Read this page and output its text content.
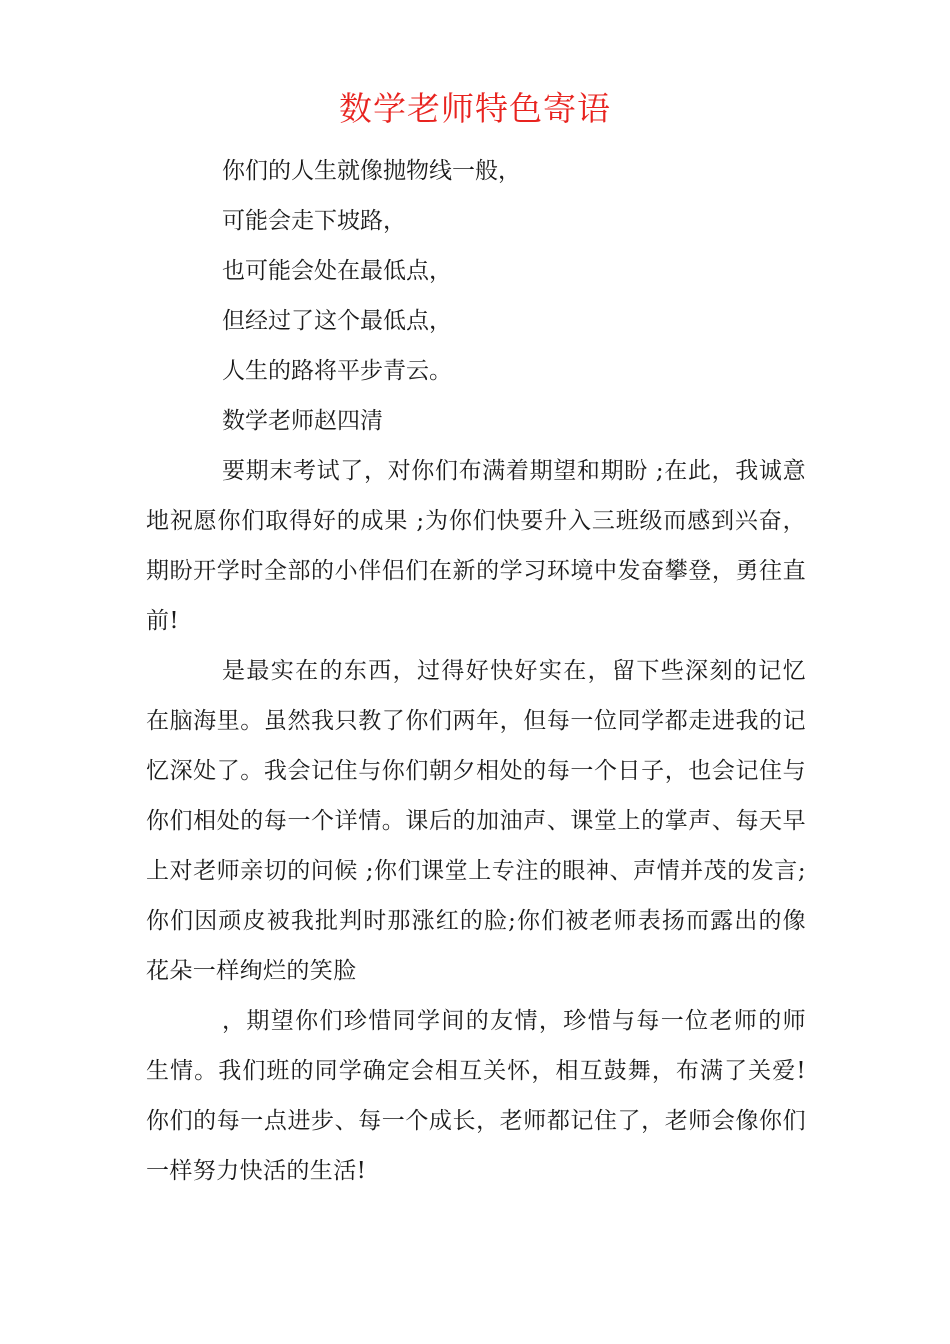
数学老师特色寄语

你们的人生就像抛物线一般，

可能会走下坡路，

也可能会处在最低点，

但经过了这个最低点，

人生的路将平步青云。

数学老师赵四清

要期末考试了，对你们布满着期望和期盼 ;在此，我诚意地祝愿你们取得好的成果 ;为你们快要升入三班级而感到兴奋，期盼开学时全部的小伴侣们在新的学习环境中发奋攀登，勇往直前!

是最实在的东西，过得好快好实在，留下些深刻的记忆在脑海里。虽然我只教了你们两年，但每一位同学都走进我的记忆深处了。我会记住与你们朝夕相处的每一个日子，也会记住与你们相处的每一个详情。课后的加油声、课堂上的掌声、每天早上对老师亲切的问候 ;你们课堂上专注的眼神、声情并茂的发言;你们因顽皮被我批判时那涨红的脸;你们被老师表扬而露出的像花朵一样绚烂的笑脸

，期望你们珍惜同学间的友情，珍惜与每一位老师的师生情。我们班的同学确定会相互关怀，相互鼓舞，布满了关爱!你们的每一点进步、每一个成长，老师都记住了，老师会像你们一样努力快活的生活!
